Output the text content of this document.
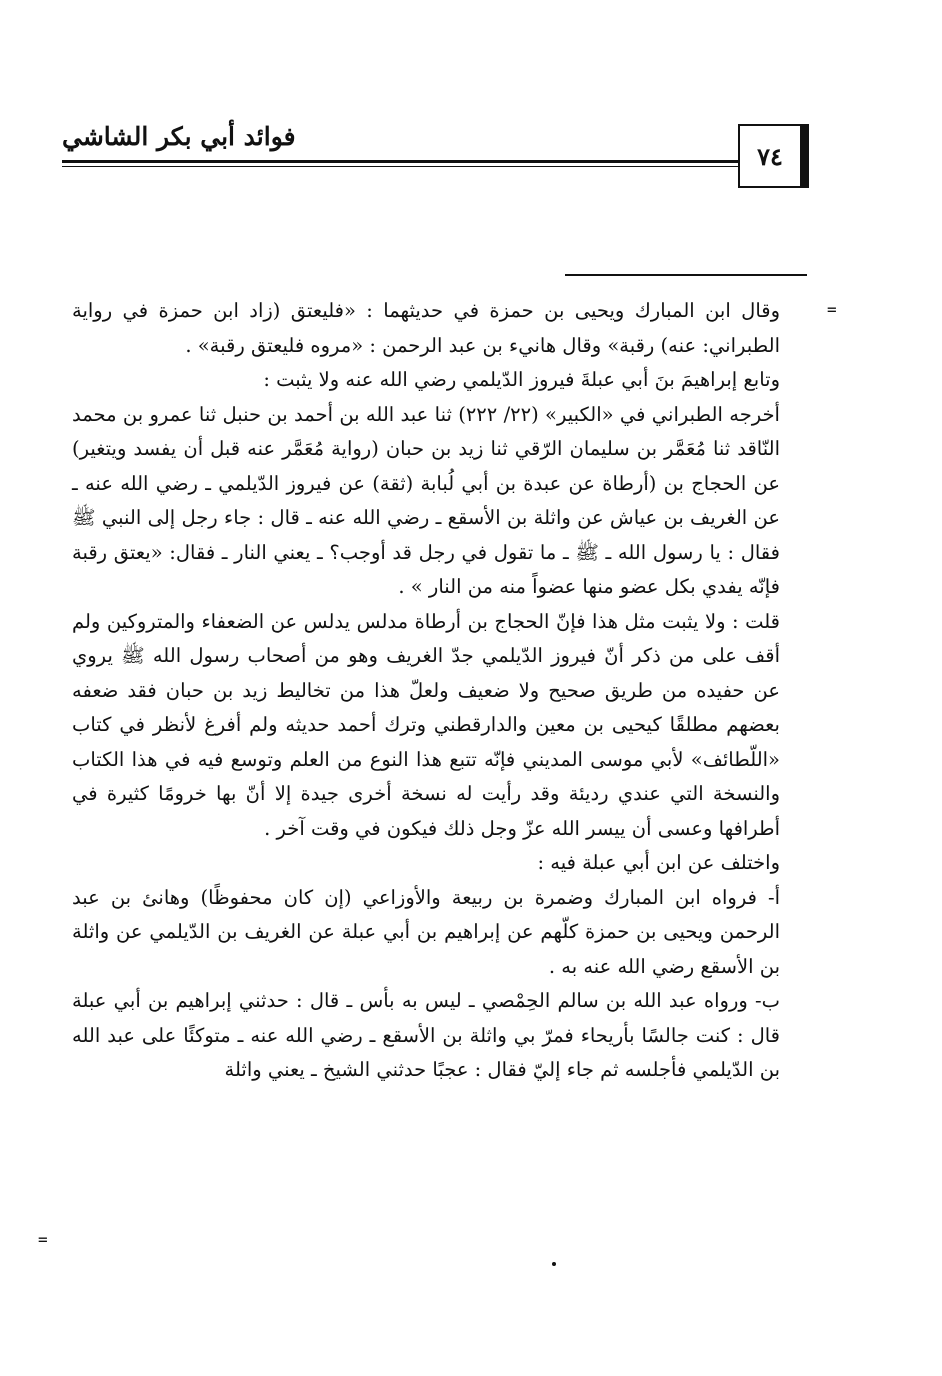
فوائد أبي بكر الشاشي
٧٤
=
=

وقال ابن المبارك ويحيى بن حمزة في حديثهما : «فليعتق (زاد ابن حمزة في رواية الطبراني: عنه) رقبة» وقال هانيء بن عبد الرحمن : «مروه فليعتق رقبة» .

وتابع إبراهيمَ بنَ أبي عبلةَ فيروز الدّيلمي رضي الله عنه ولا يثبت :

أخرجه الطبراني في «الكبير» (٢٢/ ٢٢٢) ثنا عبد الله بن أحمد بن حنبل ثنا عمرو بن محمد النّاقد ثنا مُعَمَّر بن سليمان الرّقي ثنا زيد بن حبان (رواية مُعَمَّر عنه قبل أن يفسد ويتغير) عن الحجاج بن (أرطاة عن عبدة بن أبي لُبابة (ثقة) عن فيروز الدّيلمي ـ رضي الله عنه ـ عن الغريف بن عياش عن واثلة بن الأسقع ـ رضي الله عنه ـ قال : جاء رجل إلى النبي ﷺ فقال : يا رسول الله ـ ﷺ ـ ما تقول في رجل قد أوجب؟ ـ يعني النار ـ فقال: «يعتق رقبة فإنّه يفدي بكل عضو منها عضواً منه من النار » .

قلت : ولا يثبت مثل هذا فإنّ الحجاج بن أرطاة مدلس يدلس عن الضعفاء والمتروكين ولم أقف على من ذكر أنّ فيروز الدّيلمي جدّ الغريف وهو من أصحاب رسول الله ﷺ يروي عن حفيده من طريق صحيح ولا ضعيف ولعلّ هذا من تخاليط زيد بن حبان فقد ضعفه بعضهم مطلقًا كيحيى بن معين والدارقطني وترك أحمد حديثه ولم أفرغ لأنظر في كتاب «اللّطائف» لأبي موسى المديني فإنّه تتبع هذا النوع من العلم وتوسع فيه في هذا الكتاب والنسخة التي عندي رديئة وقد رأيت له نسخة أخرى جيدة إلا أنّ بها خرومًا كثيرة في أطرافها وعسى أن ييسر الله عزّ وجل ذلك فيكون في وقت آخر .

واختلف عن ابن أبي عبلة فيه :

أ- فرواه ابن المبارك وضمرة بن ربيعة والأوزاعي (إن كان محفوظًا) وهانئ بن عبد الرحمن ويحيى بن حمزة كلّهم عن إبراهيم بن أبي عبلة عن الغريف بن الدّيلمي عن واثلة بن الأسقع رضي الله عنه به .

ب- ورواه عبد الله بن سالم الحِمْصي ـ ليس به بأس ـ قال : حدثني إبراهيم بن أبي عبلة قال : كنت جالسًا بأريحاء فمرّ بي واثلة بن الأسقع ـ رضي الله عنه ـ متوكئًا على عبد الله بن الدّيلمي فأجلسه ثم جاء إليّ فقال : عجبًا حدثني الشيخ ـ يعني واثلة
